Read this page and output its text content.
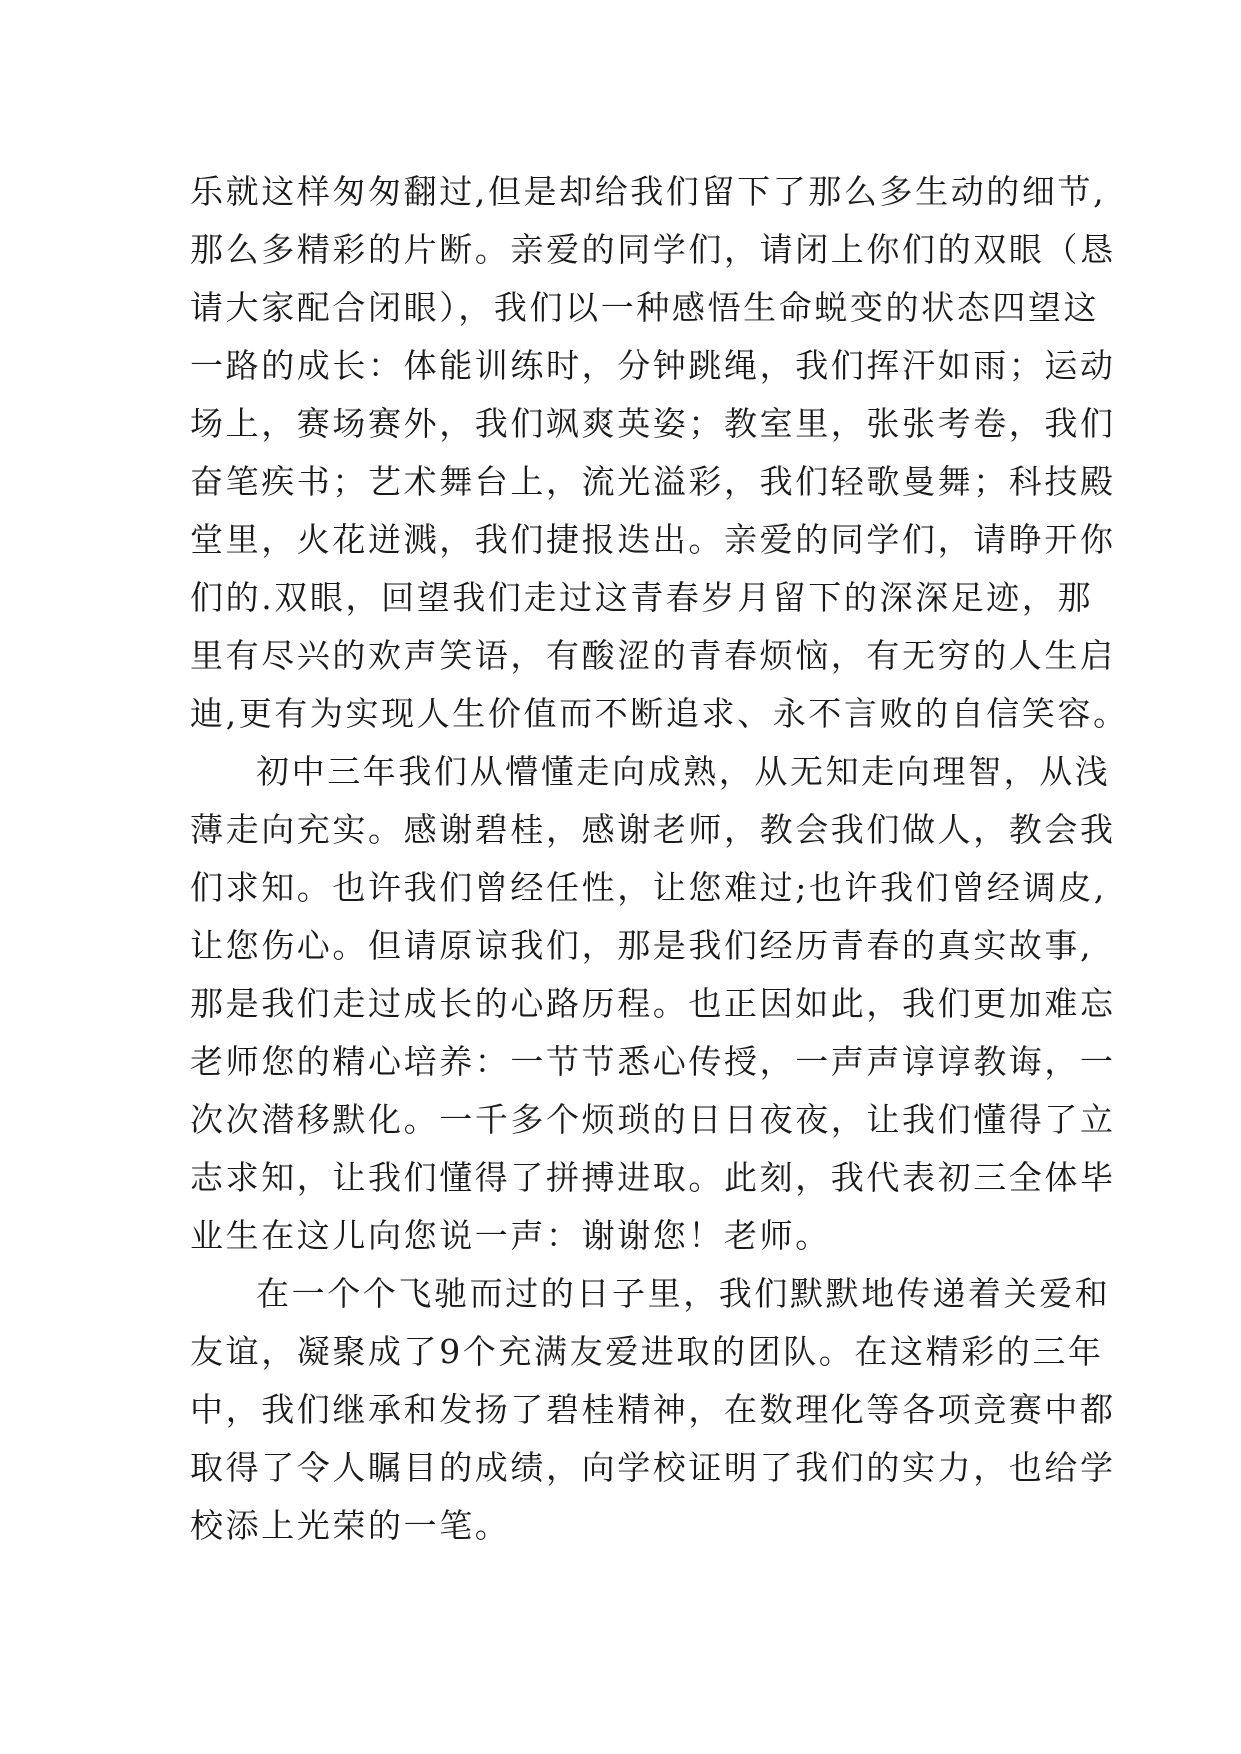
乐就这样匆匆翻过,但是却给我们留下了那么多生动的细节,
那么多精彩的片断。亲爱的同学们，请闭上你们的双眼（恳
请大家配合闭眼），我们以一种感悟生命蜕变的状态四望这
一路的成长：体能训练时，分钟跳绳，我们挥汗如雨；运动
场上，赛场赛外，我们飒爽英姿；教室里，张张考卷，我们
奋笔疾书；艺术舞台上，流光溢彩，我们轻歌曼舞；科技殿
堂里，火花迸溅，我们捷报迭出。亲爱的同学们，请睁开你
们的.双眼，回望我们走过这青春岁月留下的深深足迹，那
里有尽兴的欢声笑语，有酸涩的青春烦恼，有无穷的人生启
迪,更有为实现人生价值而不断追求、永不言败的自信笑容。
初中三年我们从懵懂走向成熟，从无知走向理智，从浅
薄走向充实。感谢碧桂，感谢老师，教会我们做人，教会我
们求知。也许我们曾经任性，让您难过;也许我们曾经调皮,
让您伤心。但请原谅我们，那是我们经历青春的真实故事,
那是我们走过成长的心路历程。也正因如此，我们更加难忘
老师您的精心培养：一节节悉心传授，一声声谆谆教诲，一
次次潜移默化。一千多个烦琐的日日夜夜，让我们懂得了立
志求知，让我们懂得了拼搏进取。此刻，我代表初三全体毕
业生在这儿向您说一声：谢谢您！老师。
在一个个飞驰而过的日子里，我们默默地传递着关爱和
友谊，凝聚成了9个充满友爱进取的团队。在这精彩的三年
中，我们继承和发扬了碧桂精神，在数理化等各项竞赛中都
取得了令人瞩目的成绩，向学校证明了我们的实力，也给学
校添上光荣的一笔。
